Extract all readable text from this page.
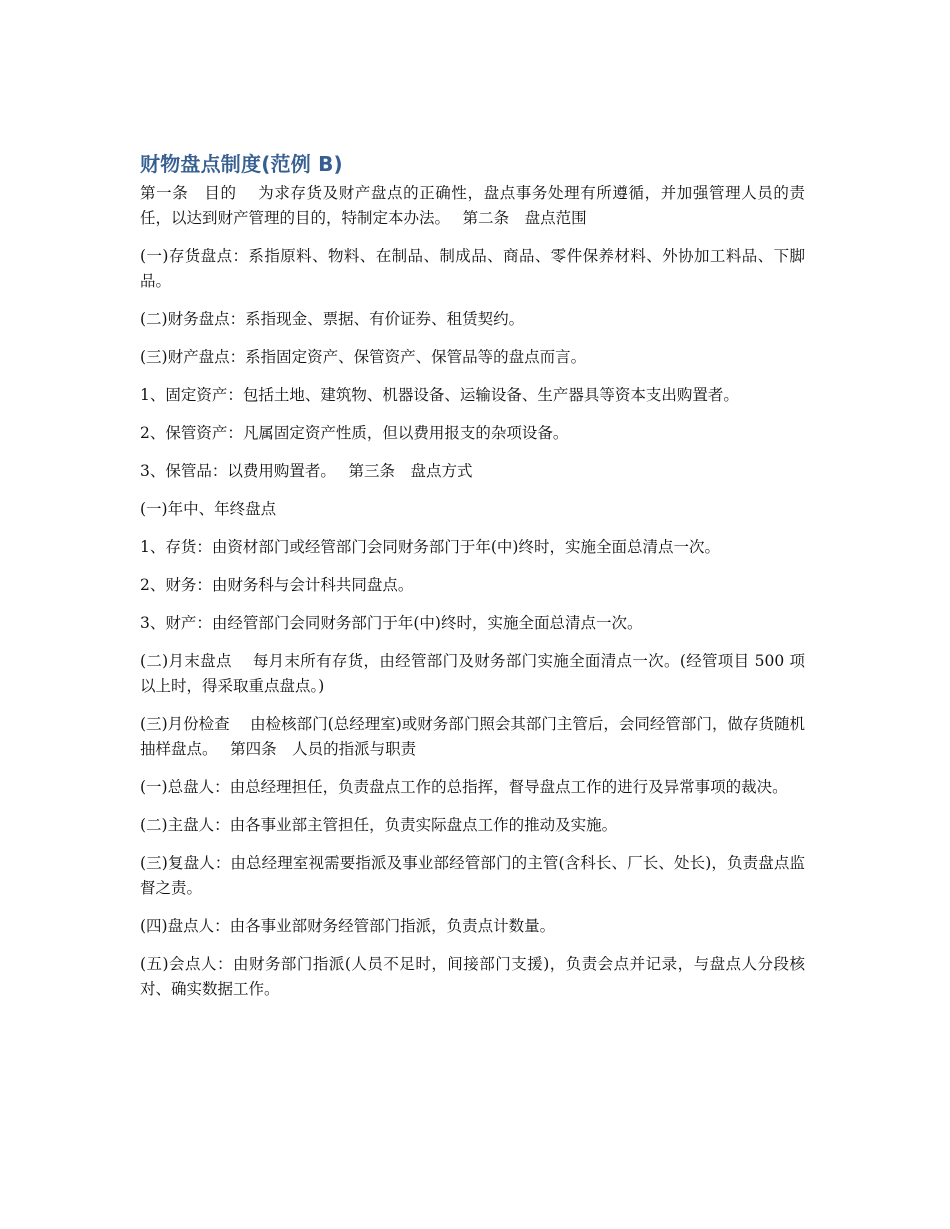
财物盘点制度(范例 B)

第一条　目的　 为求存货及财产盘点的正确性，盘点事务处理有所遵循，并加强管理人员的责任，以达到财产管理的目的，特制定本办法。　 第二条　盘点范围

(一)存货盘点：系指原料、物料、在制品、制成品、商品、零件保养材料、外协加工料品、下脚品。

(二)财务盘点：系指现金、票据、有价证券、租赁契约。

(三)财产盘点：系指固定资产、保管资产、保管品等的盘点而言。

1、固定资产：包括土地、建筑物、机器设备、运输设备、生产器具等资本支出购置者。

2、保管资产：凡属固定资产性质，但以费用报支的杂项设备。

3、保管品：以费用购置者。　 第三条　盘点方式

(一)年中、年终盘点

1、存货：由资材部门或经管部门会同财务部门于年(中)终时，实施全面总清点一次。

2、财务：由财务科与会计科共同盘点。

3、财产：由经管部门会同财务部门于年(中)终时，实施全面总清点一次。

(二)月末盘点　 每月末所有存货，由经管部门及财务部门实施全面清点一次。(经管项目 500 项以上时，得采取重点盘点。)

(三)月份检查　 由检核部门(总经理室)或财务部门照会其部门主管后，会同经管部门，做存货随机抽样盘点。　 第四条　人员的指派与职责

(一)总盘人：由总经理担任，负责盘点工作的总指挥，督导盘点工作的进行及异常事项的裁决。

(二)主盘人：由各事业部主管担任，负责实际盘点工作的推动及实施。

(三)复盘人：由总经理室视需要指派及事业部经管部门的主管(含科长、厂长、处长)，负责盘点监督之责。

(四)盘点人：由各事业部财务经管部门指派，负责点计数量。

(五)会点人：由财务部门指派(人员不足时，间接部门支援)，负责会点并记录，与盘点人分段核对、确实数据工作。
